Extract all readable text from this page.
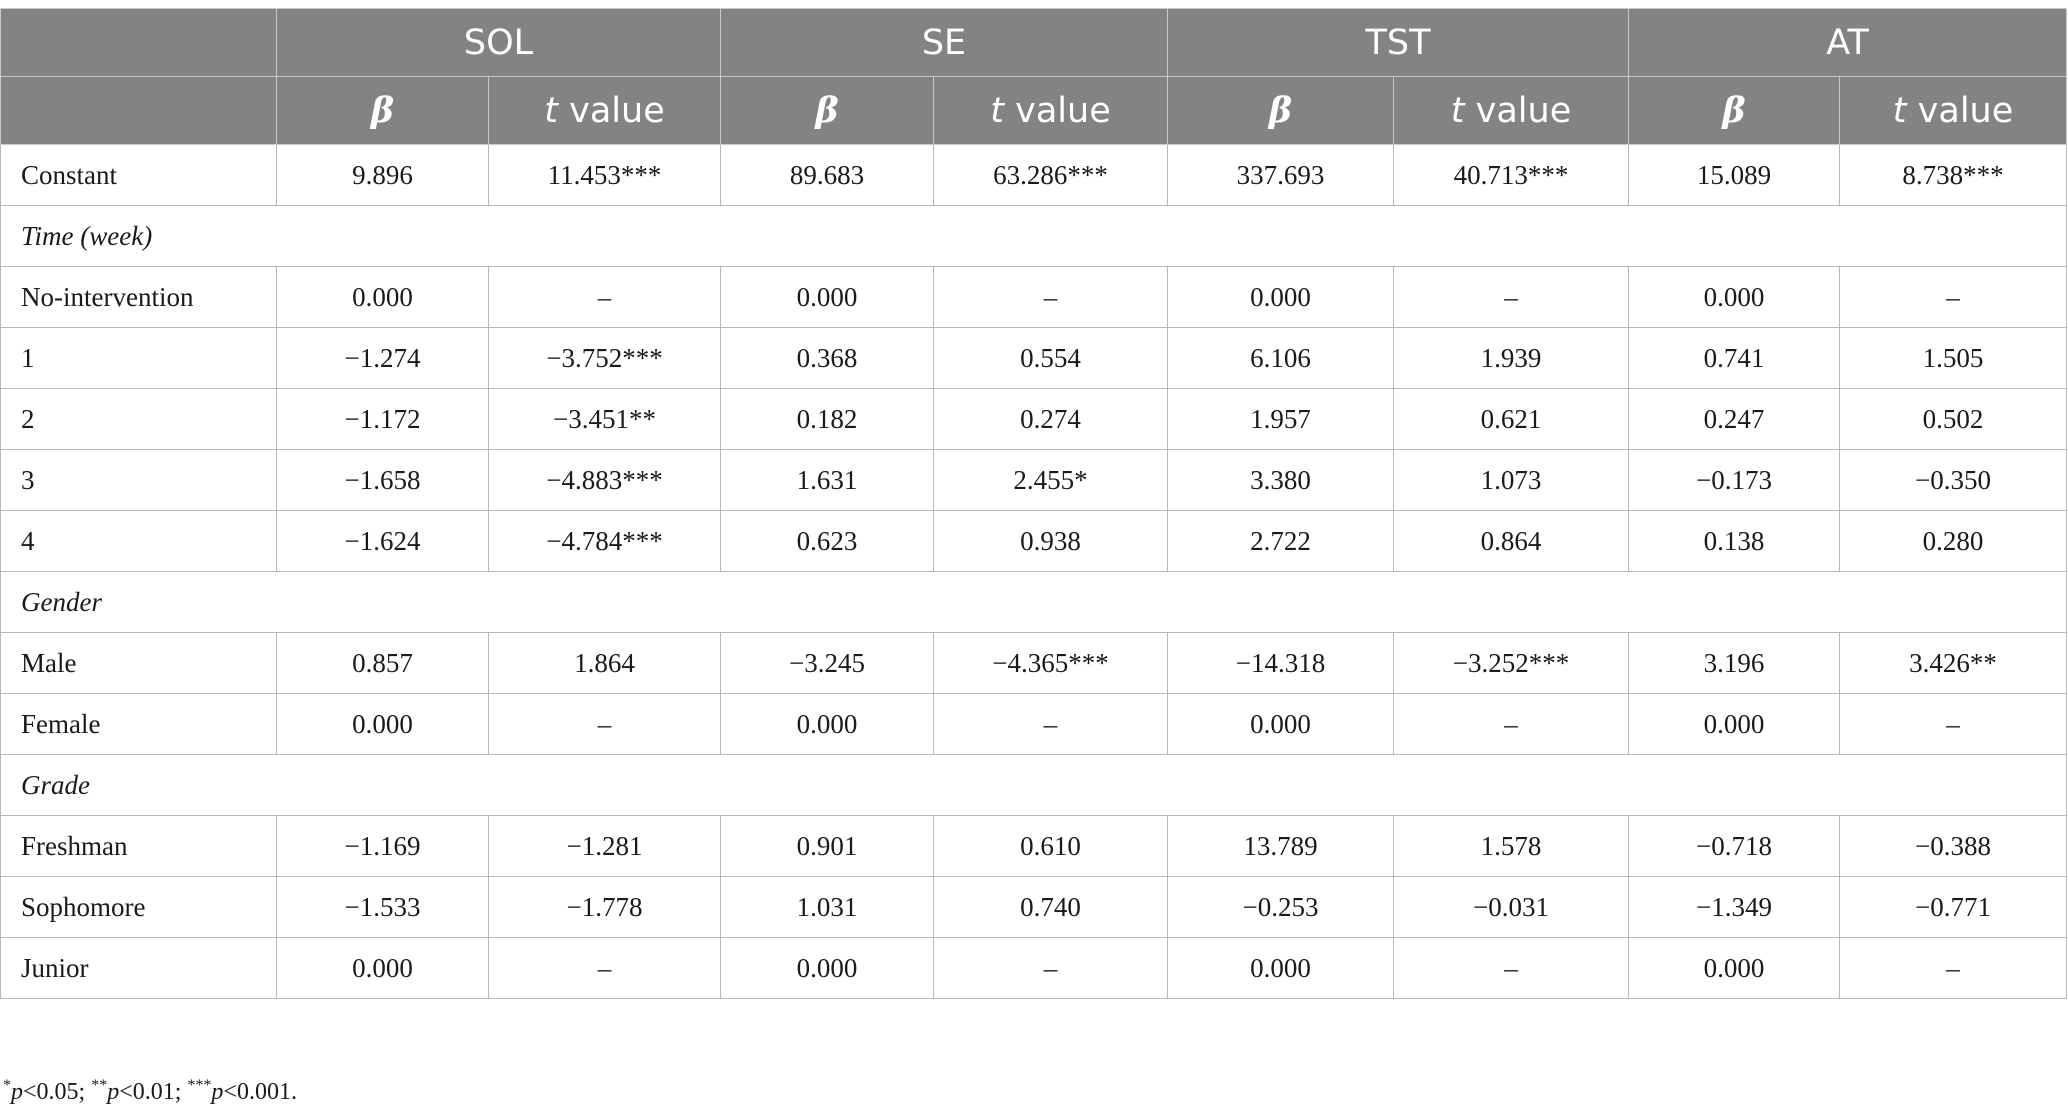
	SOL		SE		TST		AT	
	β	t value	β	t value	β	t value	β	t value
Constant	9.896	11.453***	89.683	63.286***	337.693	40.713***	15.089	8.738***
Time (week)								
No-intervention	0.000	–	0.000	–	0.000	–	0.000	–
1	−1.274	−3.752***	0.368	0.554	6.106	1.939	0.741	1.505
2	−1.172	−3.451**	0.182	0.274	1.957	0.621	0.247	0.502
3	−1.658	−4.883***	1.631	2.455*	3.380	1.073	−0.173	−0.350
4	−1.624	−4.784***	0.623	0.938	2.722	0.864	0.138	0.280
Gender								
Male	0.857	1.864	−3.245	−4.365***	−14.318	−3.252***	3.196	3.426**
Female	0.000	–	0.000	–	0.000	–	0.000	–
Grade								
Freshman	−1.169	−1.281	0.901	0.610	13.789	1.578	−0.718	−0.388
Sophomore	−1.533	−1.778	1.031	0.740	−0.253	−0.031	−1.349	−0.771
Junior	0.000	–	0.000	–	0.000	–	0.000	–
*p<0.05; **p<0.01; ***p<0.001.
